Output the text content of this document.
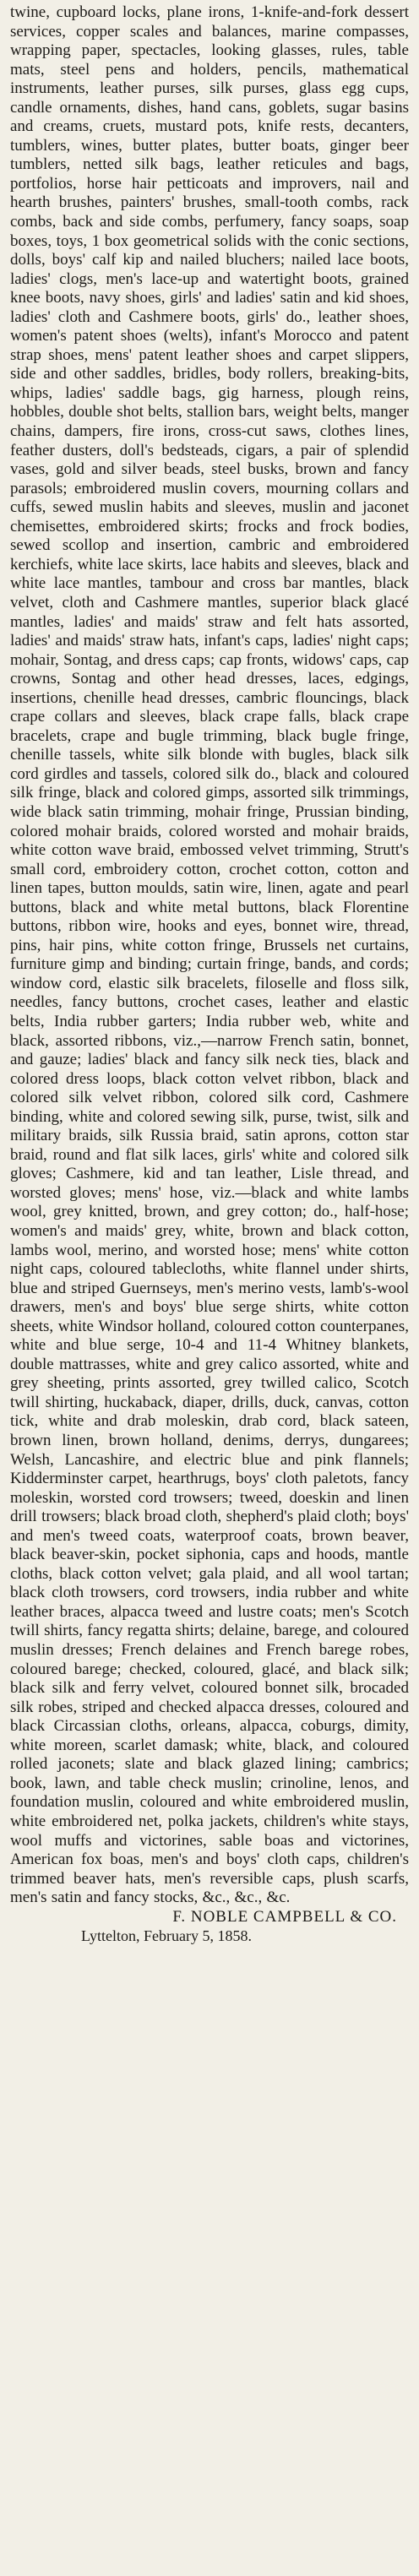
twine, cupboard locks, plane irons, 1-knife-and-fork dessert services, copper scales and balances, marine compasses, wrapping paper, spectacles, looking glasses, rules, table mats, steel pens and holders, pencils, mathematical instruments, leather purses, silk purses, glass egg cups, candle ornaments, dishes, hand cans, goblets, sugar basins and creams, cruets, mustard pots, knife rests, decanters, tumblers, wines, butter plates, butter boats, ginger beer tumblers, netted silk bags, leather reticules and bags, portfolios, horse hair petticoats and improvers, nail and hearth brushes, painters' brushes, small-tooth combs, rack combs, back and side combs, perfumery, fancy soaps, soap boxes, toys, 1 box geometrical solids with the conic sections, dolls, boys' calf kip and nailed bluchers; nailed lace boots, ladies' clogs, men's lace-up and watertight boots, grained knee boots, navy shoes, girls' and ladies' satin and kid shoes, ladies' cloth and Cashmere boots, girls' do., leather shoes, women's patent shoes (welts), infant's Morocco and patent strap shoes, mens' patent leather shoes and carpet slippers, side and other saddles, bridles, body rollers, breaking-bits, whips, ladies' saddle bags, gig harness, plough reins, hobbles, double shot belts, stallion bars, weight belts, manger chains, dampers, fire irons, cross-cut saws, clothes lines, feather dusters, doll's bedsteads, cigars, a pair of splendid vases, gold and silver beads, steel busks, brown and fancy parasols; embroidered muslin covers, mourning collars and cuffs, sewed muslin habits and sleeves, muslin and jaconet chemisettes, embroidered skirts; frocks and frock bodies, sewed scollop and insertion, cambric and embroidered kerchiefs, white lace skirts, lace habits and sleeves, black and white lace mantles, tambour and cross bar mantles, black velvet, cloth and Cashmere mantles, superior black glacé mantles, ladies' and maids' straw and felt hats assorted, ladies' and maids' straw hats, infant's caps, ladies' night caps; mohair, Sontag, and dress caps; cap fronts, widows' caps, cap crowns, Sontag and other head dresses, laces, edgings, insertions, chenille head dresses, cambric flouncings, black crape collars and sleeves, black crape falls, black crape bracelets, crape and bugle trimming, black bugle fringe, chenille tassels, white silk blonde with bugles, black silk cord girdles and tassels, colored silk do., black and coloured silk fringe, black and colored gimps, assorted silk trimmings, wide black satin trimming, mohair fringe, Prussian binding, colored mohair braids, colored worsted and mohair braids, white cotton wave braid, embossed velvet trimming, Strutt's small cord, embroidery cotton, crochet cotton, cotton and linen tapes, button moulds, satin wire, linen, agate and pearl buttons, black and white metal buttons, black Florentine buttons, ribbon wire, hooks and eyes, bonnet wire, thread, pins, hair pins, white cotton fringe, Brussels net curtains, furniture gimp and binding; curtain fringe, bands, and cords; window cord, elastic silk bracelets, filoselle and floss silk, needles, fancy buttons, crochet cases, leather and elastic belts, India rubber garters; India rubber web, white and black, assorted ribbons, viz.,—narrow French satin, bonnet, and gauze; ladies' black and fancy silk neck ties, black and colored dress loops, black cotton velvet ribbon, black and colored silk velvet ribbon, colored silk cord, Cashmere binding, white and colored sewing silk, purse, twist, silk and military braids, silk Russia braid, satin aprons, cotton star braid, round and flat silk laces, girls' white and colored silk gloves; Cashmere, kid and tan leather, Lisle thread, and worsted gloves; mens' hose, viz.—black and white lambs wool, grey knitted, brown, and grey cotton; do., half-hose; women's and maids' grey, white, brown and black cotton, lambs wool, merino, and worsted hose; mens' white cotton night caps, coloured tablecloths, white flannel under shirts, blue and striped Guernseys, men's merino vests, lamb's-wool drawers, men's and boys' blue serge shirts, white cotton sheets, white Windsor holland, coloured cotton counterpanes, white and blue serge, 10-4 and 11-4 Whitney blankets, double mattrasses, white and grey calico assorted, white and grey sheeting, prints assorted, grey twilled calico, Scotch twill shirting, huckaback, diaper, drills, duck, canvas, cotton tick, white and drab moleskin, drab cord, black sateen, brown linen, brown holland, denims, derrys, dungarees; Welsh, Lancashire, and electric blue and pink flannels; Kidderminster carpet, hearthrugs, boys' cloth paletots, fancy moleskin, worsted cord trowsers; tweed, doeskin and linen drill trowsers; black broad cloth, shepherd's plaid cloth; boys' and men's tweed coats, waterproof coats, brown beaver, black beaver-skin, pocket siphonia, caps and hoods, mantle cloths, black cotton velvet; gala plaid, and all wool tartan; black cloth trowsers, cord trowsers, india rubber and white leather braces, alpacca tweed and lustre coats; men's Scotch twill shirts, fancy regatta shirts; delaine, barege, and coloured muslin dresses; French delaines and French barege robes, coloured barege; checked, coloured, glacé, and black silk; black silk and ferry velvet, coloured bonnet silk, brocaded silk robes, striped and checked alpacca dresses, coloured and black Circassian cloths, orleans, alpacca, coburgs, dimity, white moreen, scarlet damask; white, black, and coloured rolled jaconets; slate and black glazed lining; cambrics; book, lawn, and table check muslin; crinoline, lenos, and foundation muslin, coloured and white embroidered muslin, white embroidered net, polka jackets, children's white stays, wool muffs and victorines, sable boas and victorines, American fox boas, men's and boys' cloth caps, children's trimmed beaver hats, men's reversible caps, plush scarfs, men's satin and fancy stocks, &c., &c., &c.

F. NOBLE CAMPBELL & CO.

Lyttelton, February 5, 1858.
